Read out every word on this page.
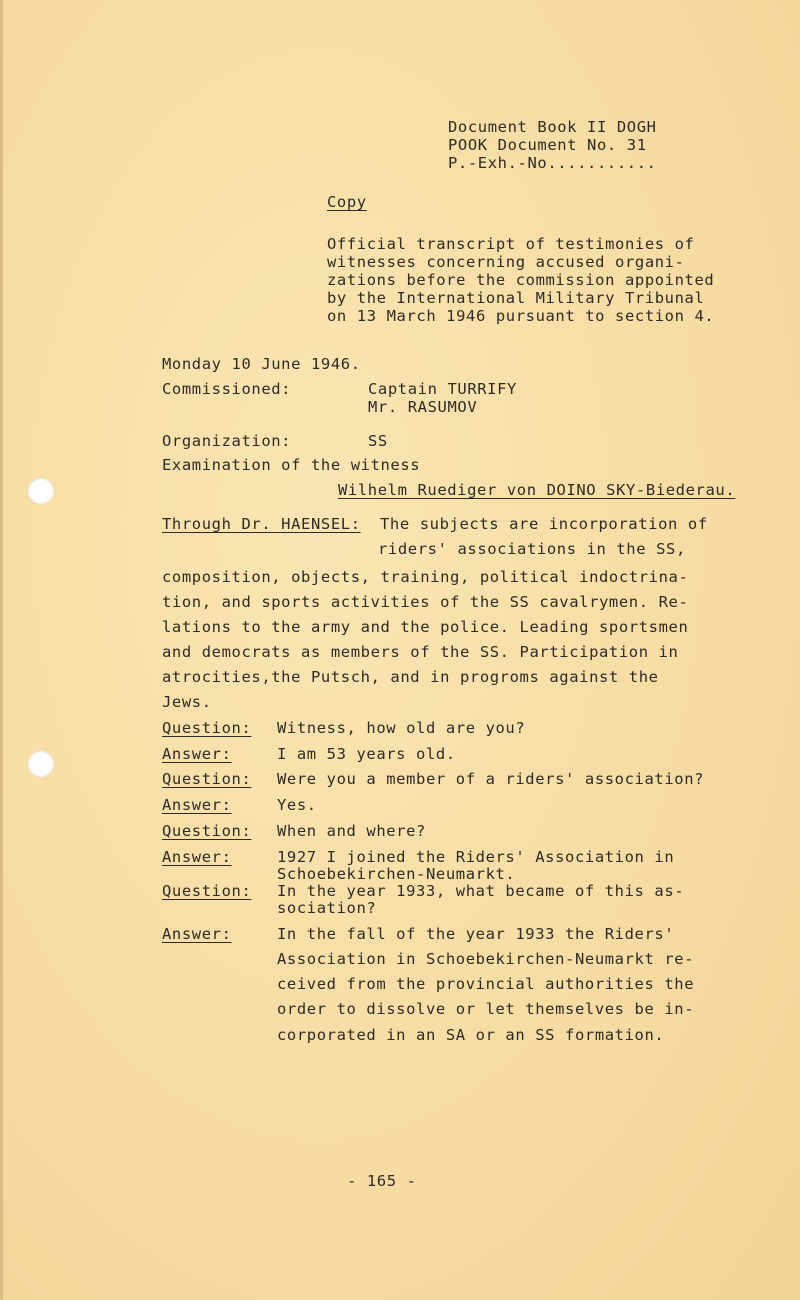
Document Book II DOGH
POOK Document No. 31
P.-Exh.-No...........
Copy
Official transcript of testimonies of
witnesses concerning accused organi-
zations before the commission appointed
by the International Military Tribunal
on 13 March 1946 pursuant to section 4.
Monday 10 June 1946.
Commissioned:	Captain TURRIFY
Mr. RASUMOV
Organization:	SS
Examination of the witness
Wilhelm Ruediger von DOINO SKY-Biederau.
Through Dr. HAENSEL: The subjects are incorporation of
riders' associations in the SS,
composition, objects, training, political indoctrina-
tion, and sports activities of the SS cavalrymen. Re-
lations to the army and the police. Leading sportsmen
and democrats as members of the SS. Participation in
atrocities,the Putsch, and in progroms against the
Jews.
Question: Witness, how old are you?
Answer:	I am 53 years old.
Question: Were you a member of a riders' association?
Answer:	Yes.
Question: When and where?
Answer:	1927 I joined the Riders' Association in
Schoebekirchen-Neumarkt.
Question: In the year 1933, what became of this as-
sociation?
Answer:	In the fall of the year 1933 the Riders'
Association in Schoebekirchen-Neumarkt re-
ceived from the provincial authorities the
order to dissolve or let themselves be in-
corporated in an SA or an SS formation.
- 165 -
